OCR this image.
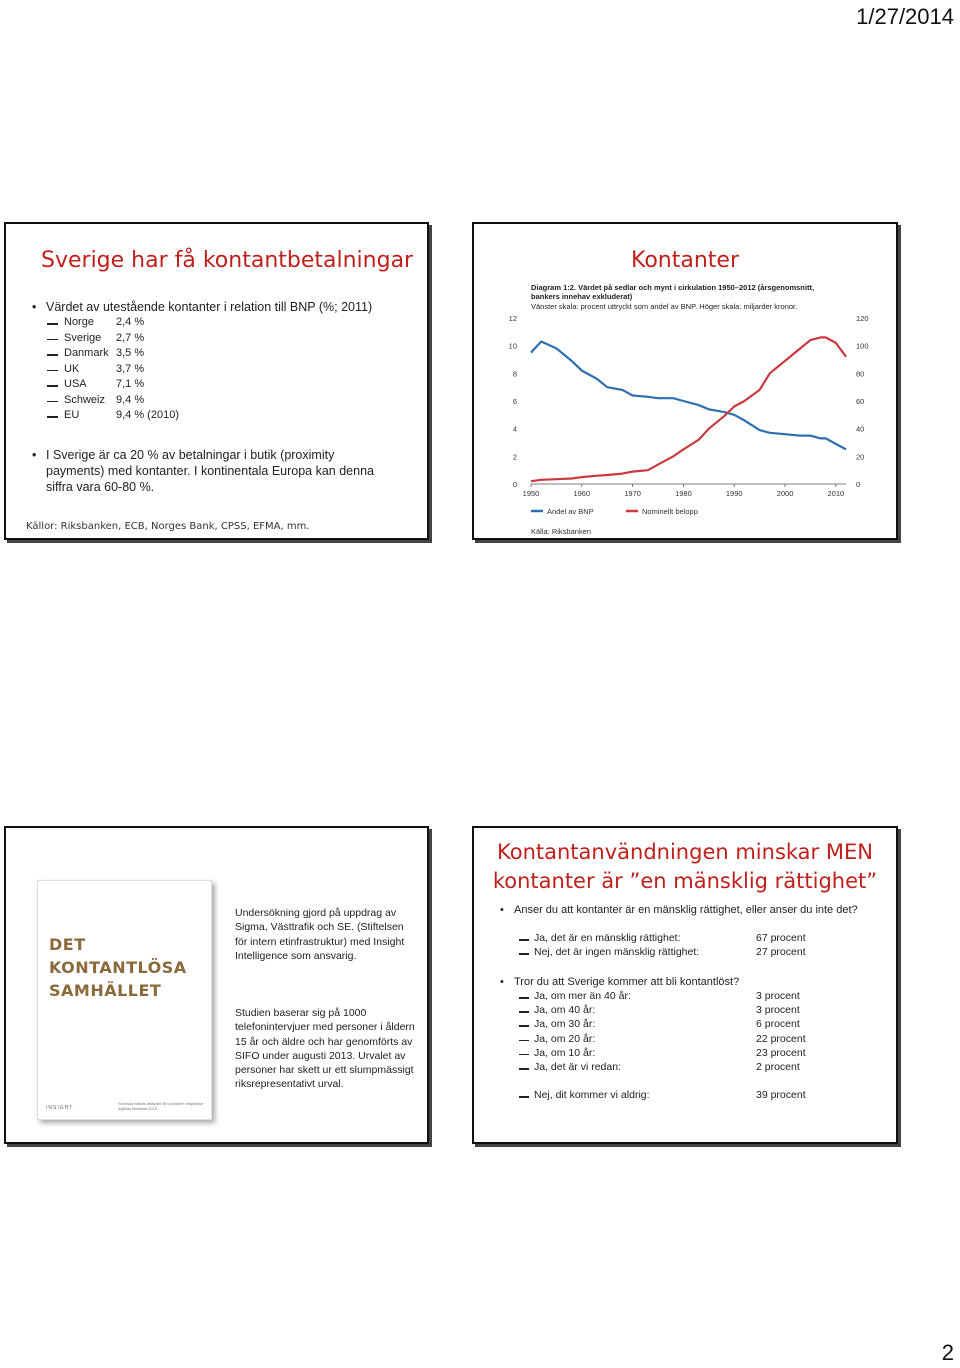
1/27/2014
Sverige har få kontantbetalningar
• Värdet av utestående kontanter i relation till BNP (%; 2011)
Norge 2,4 %
Sverige 2,7 %
Danmark 3,5 %
UK	3,7 %
USA	7,1 %
Schweiz 9,4 %
EU	9,4 % (2010)
• I Sverige är ca 20 % av betalningar i butik (proximity
payments) med kontanter. I kontinentala Europa kan denna
siffra vara 60-80 %.
Källor: Riksbanken, ECB, Norges Bank, CPSS, EFMA, mm.
Kontanter
Diagram 1:2. Värdet på sedlar och mynt i cirkulation 1950–2012 (årsgenomsnitt,
bankers innehav exkluderat)
Vänster skala: procent uttryckt som andel av BNP. Höger skala: miljarder kronor.
0
2
4
6
8
10
12
0
20
40
60
80
100
120
1950	1960	1970	1980	1990	2000	2010
Andel av BNP	Nominellt belopp
Källa: Riksbanken
DET
KONTANTLÖSA
SAMHÄLLET
INSIGHT
Svenska folkets attityder till kontanter respektive digitala betalsätt 2013
Undersökning gjord på uppdrag av Sigma, Västtrafik och SE. (Stiftelsen för intern etinfrastruktur) med Insight Intelligence som ansvarig.
Studien baserar sig på 1000 telefonintervjuer med personer i åldern 15 år och äldre och har genomförts av SIFO under augusti 2013. Urvalet av personer har skett ur ett slumpmässigt riksrepresentativt urval.
Kontantanvändningen minskar MEN
kontanter är ”en mänsklig rättighet”
• Anser du att kontanter är en mänsklig rättighet, eller anser du inte det?
Ja, det är en mänsklig rättighet:	67 procent
Nej, det är ingen mänsklig rättighet:	27 procent
• Tror du att Sverige kommer att bli kontantlöst?
Ja, om mer än 40 år:	3 procent
Ja, om 40 år:	3 procent
Ja, om 30 år:	6 procent
Ja, om 20 år:	22 procent
Ja, om 10 år:	23 procent
Ja, det är vi redan:	2 procent
Nej, dit kommer vi aldrig:	39 procent
2
